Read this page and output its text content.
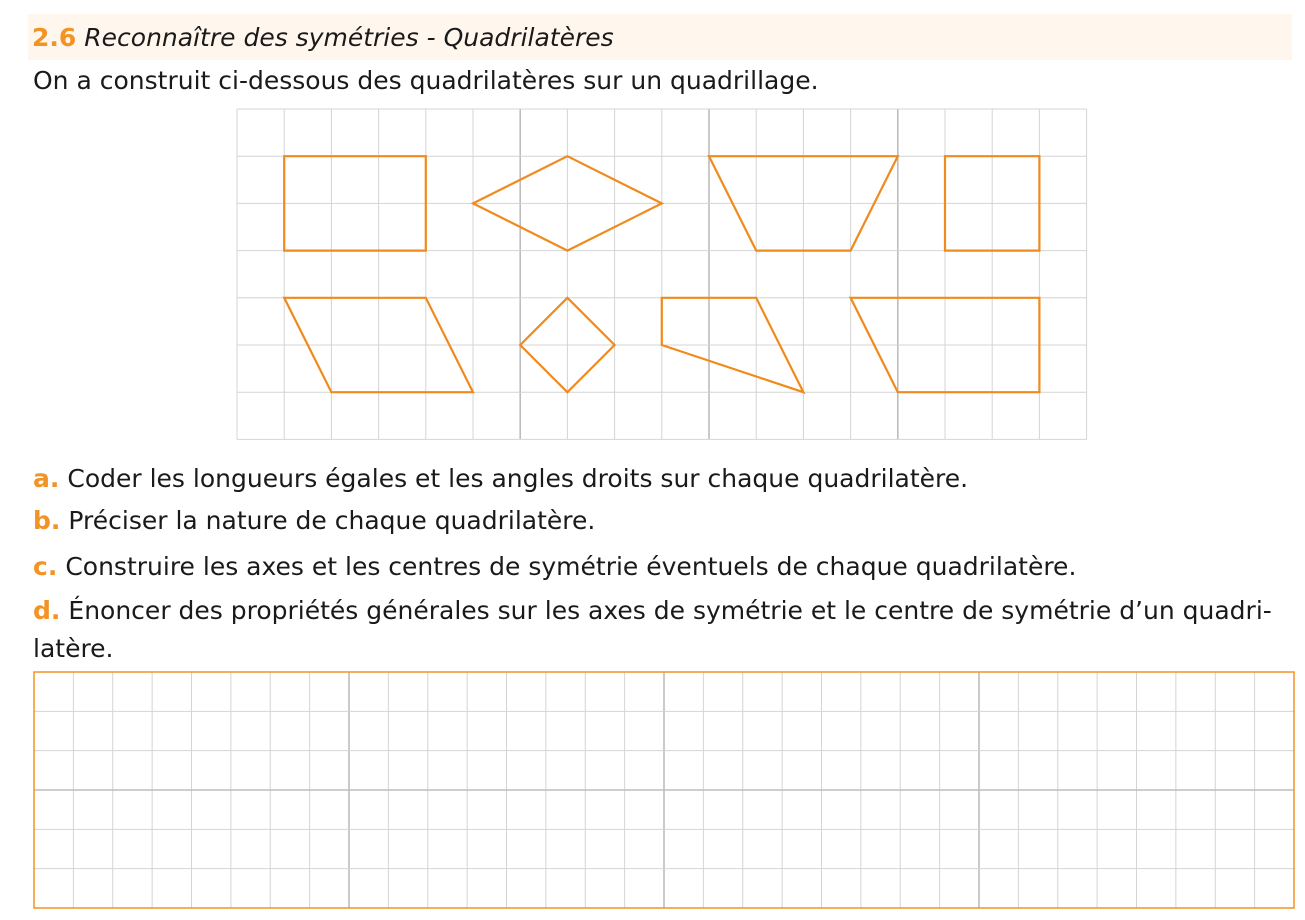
2.6 Reconnaître des symétries - Quadrilatères
On a construit ci-dessous des quadrilatères sur un quadrillage.
a. Coder les longueurs égales et les angles droits sur chaque quadrilatère.
b. Préciser la nature de chaque quadrilatère.
c. Construire les axes et les centres de symétrie éventuels de chaque quadrilatère.
d. Énoncer des propriétés générales sur les axes de symétrie et le centre de symétrie d’un quadri-
latère.
